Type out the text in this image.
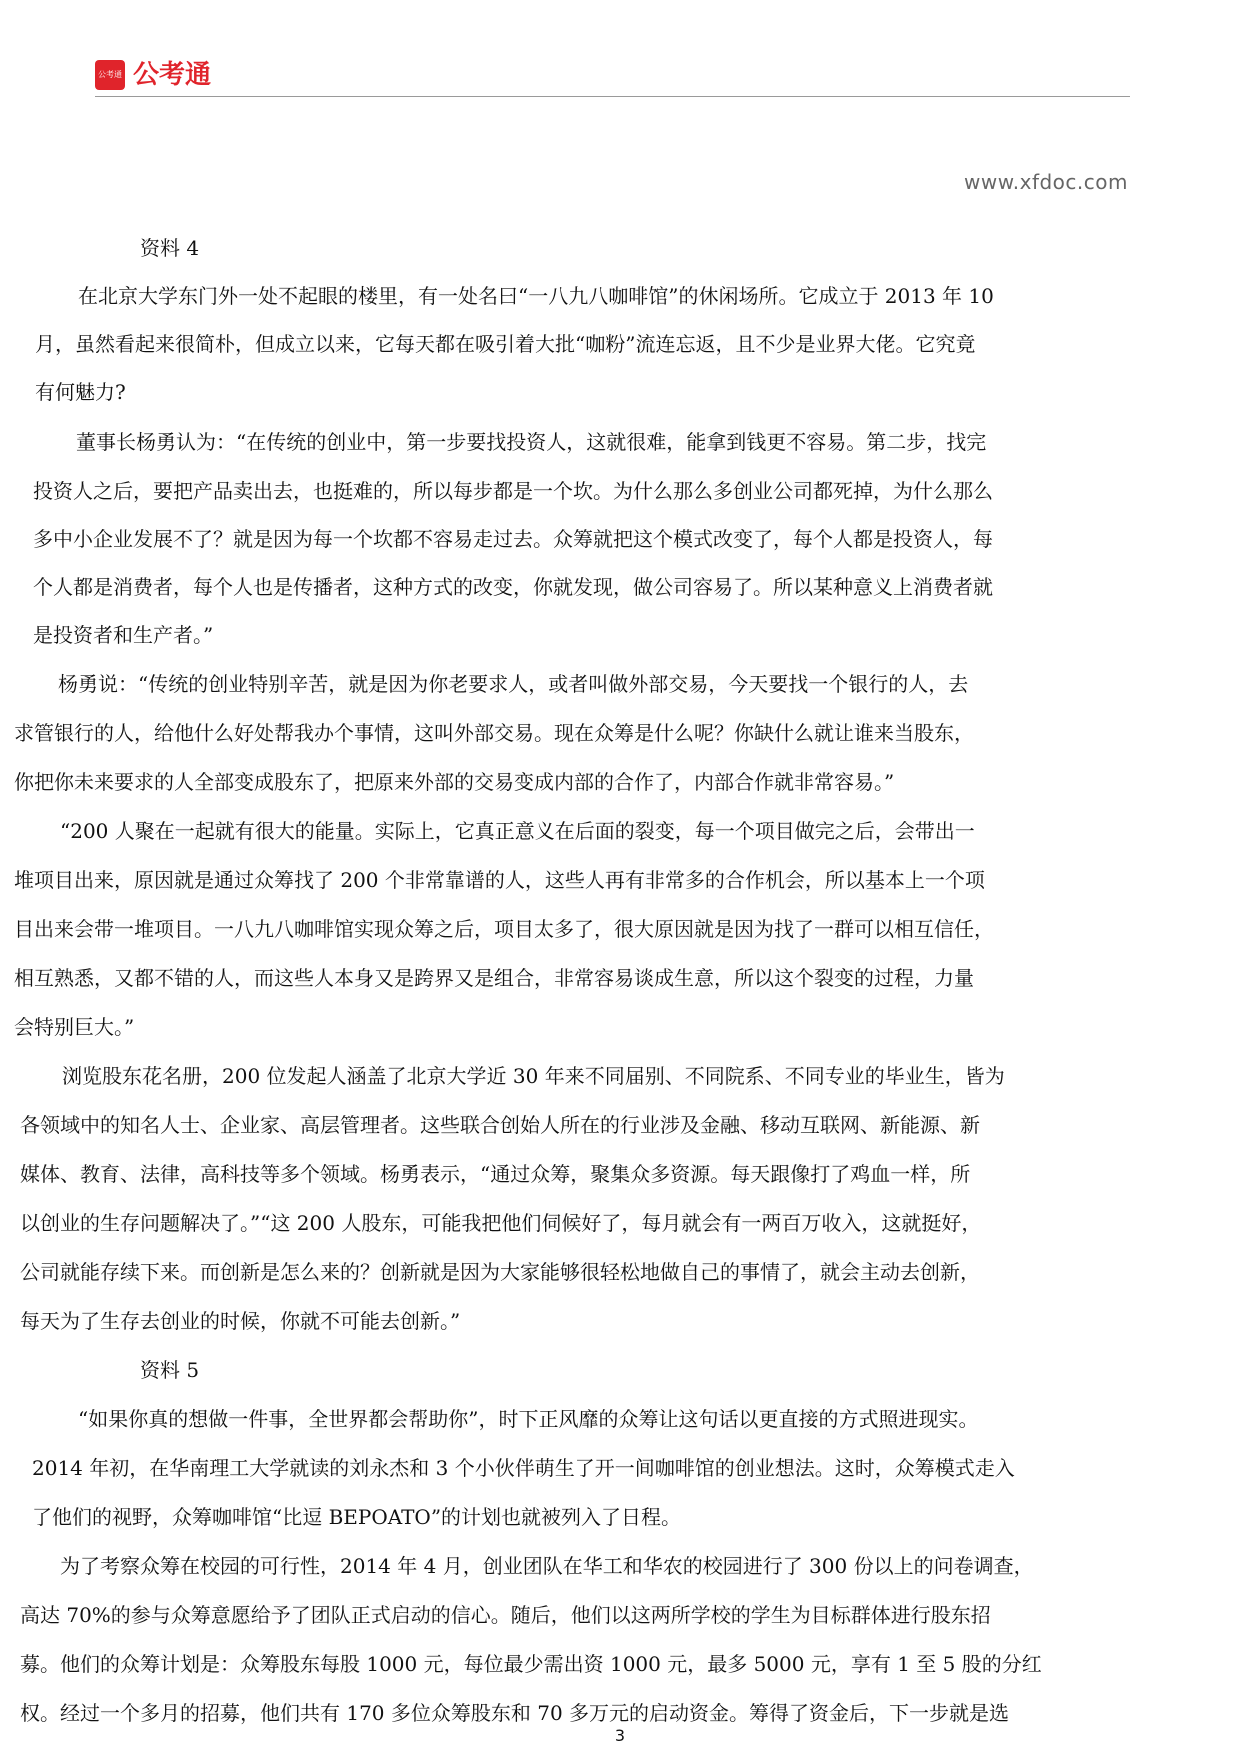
公考通 公考通
www.xfdoc.com
资料 4
在北京大学东门外一处不起眼的楼里，有一处名曰“一八九八咖啡馆”的休闲场所。它成立于 2013 年 10
月，虽然看起来很简朴，但成立以来，它每天都在吸引着大批“咖粉”流连忘返，且不少是业界大佬。它究竟
有何魅力?
董事长杨勇认为：“在传统的创业中，第一步要找投资人，这就很难，能拿到钱更不容易。第二步，找完
投资人之后，要把产品卖出去，也挺难的，所以每步都是一个坎。为什么那么多创业公司都死掉，为什么那么
多中小企业发展不了？就是因为每一个坎都不容易走过去。众筹就把这个模式改变了，每个人都是投资人，每
个人都是消费者，每个人也是传播者，这种方式的改变，你就发现，做公司容易了。所以某种意义上消费者就
是投资者和生产者。”
杨勇说：“传统的创业特别辛苦，就是因为你老要求人，或者叫做外部交易，今天要找一个银行的人，去
求管银行的人，给他什么好处帮我办个事情，这叫外部交易。现在众筹是什么呢？你缺什么就让谁来当股东，
你把你未来要求的人全部变成股东了，把原来外部的交易变成内部的合作了，内部合作就非常容易。”
“200 人聚在一起就有很大的能量。实际上，它真正意义在后面的裂变，每一个项目做完之后，会带出一
堆项目出来，原因就是通过众筹找了 200 个非常靠谱的人，这些人再有非常多的合作机会，所以基本上一个项
目出来会带一堆项目。一八九八咖啡馆实现众筹之后，项目太多了，很大原因就是因为找了一群可以相互信任，
相互熟悉，又都不错的人，而这些人本身又是跨界又是组合，非常容易谈成生意，所以这个裂变的过程，力量
会特别巨大。”
浏览股东花名册，200 位发起人涵盖了北京大学近 30 年来不同届别、不同院系、不同专业的毕业生，皆为
各领域中的知名人士、企业家、高层管理者。这些联合创始人所在的行业涉及金融、移动互联网、新能源、新
媒体、教育、法律，高科技等多个领域。杨勇表示，“通过众筹，聚集众多资源。每天跟像打了鸡血一样，所
以创业的生存问题解决了。”“这 200 人股东，可能我把他们伺候好了，每月就会有一两百万收入，这就挺好，
公司就能存续下来。而创新是怎么来的？创新就是因为大家能够很轻松地做自己的事情了，就会主动去创新，
每天为了生存去创业的时候，你就不可能去创新。”
资料 5
“如果你真的想做一件事，全世界都会帮助你”，时下正风靡的众筹让这句话以更直接的方式照进现实。
2014 年初，在华南理工大学就读的刘永杰和 3 个小伙伴萌生了开一间咖啡馆的创业想法。这时，众筹模式走入
了他们的视野，众筹咖啡馆“比逗 BEPOATO”的计划也就被列入了日程。
为了考察众筹在校园的可行性，2014 年 4 月，创业团队在华工和华农的校园进行了 300 份以上的问卷调查，
高达 70%的参与众筹意愿给予了团队正式启动的信心。随后，他们以这两所学校的学生为目标群体进行股东招
募。他们的众筹计划是：众筹股东每股 1000 元，每位最少需出资 1000 元，最多 5000 元，享有 1 至 5 股的分红
权。经过一个多月的招募，他们共有 170 多位众筹股东和 70 多万元的启动资金。筹得了资金后，下一步就是选
3
